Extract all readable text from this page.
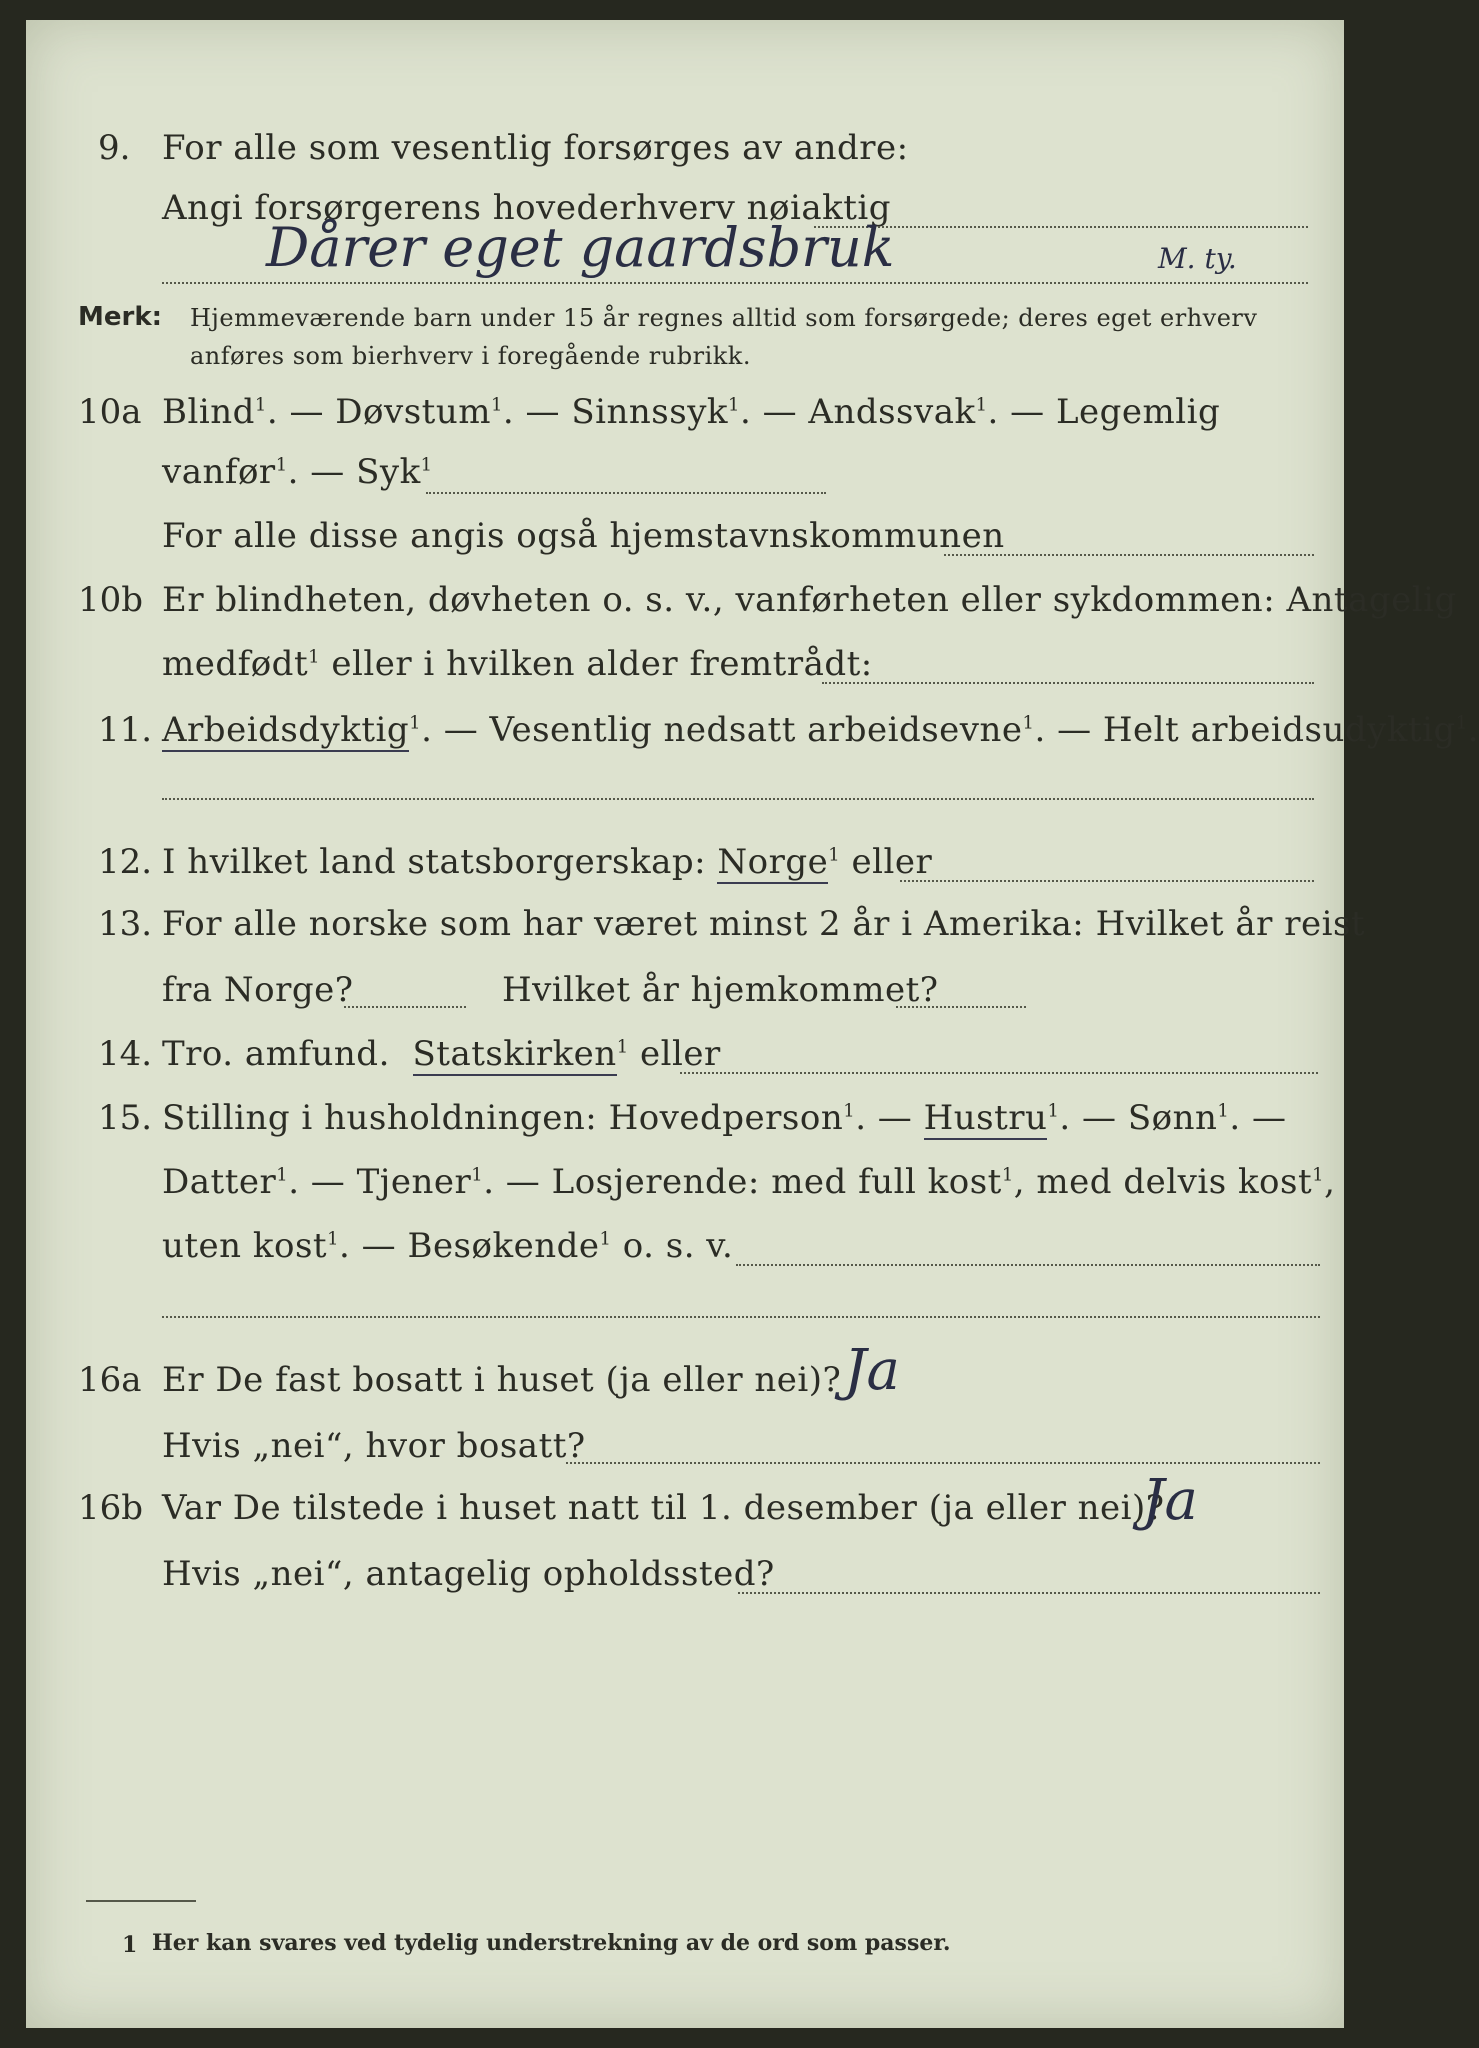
9. For alle som vesentlig forsørges av andre:
Angi forsørgerens hovederhverv nøiaktig
Dårer eget gaardsbruk	M. ty.
Merk: Hjemmeværende barn under 15 år regnes alltid som forsørgede; deres eget erhverv
anføres som bierhverv i foregående rubrikk.
10a Blind$^1$. — Døvstum$^1$. — Sinnssyk$^1$. — Andssvak$^1$. — Legemlig
vanfør$^1$. — Syk$^1$
For alle disse angis også hjemstavnskommunen
10b Er blindheten, døvheten o. s. v., vanførheten eller sykdommen: Antagelig
medfødt$^1$ eller i hvilken alder fremtrådt:
11. Arbeidsdyktig$^1$. — Vesentlig nedsatt arbeidsevne$^1$. — Helt arbeidsudyktig$^1$.
12. I hvilket land statsborgerskap: Norge$^1$ eller
13. For alle norske som har været minst 2 år i Amerika: Hvilket år reist
fra Norge?	Hvilket år hjemkommet?
14. Tro. amfund. Statskirken$^1$ eller
15. Stilling i husholdningen: Hovedperson$^1$. — Hustru$^1$. — Sønn$^1$. —
Datter$^1$. — Tjener$^1$. — Losjerende: med full kost$^1$, med delvis kost$^1$,
uten kost$^1$. — Besøkende$^1$ o. s. v.
16a Er De fast bosatt i huset (ja eller nei)? Ja
Hvis „nei“, hvor bosatt?
16b Var De tilstede i huset natt til 1. desember (ja eller nei)?
Ja
Hvis „nei“, antagelig opholdssted?
1 Her kan svares ved tydelig understrekning av de ord som passer.
